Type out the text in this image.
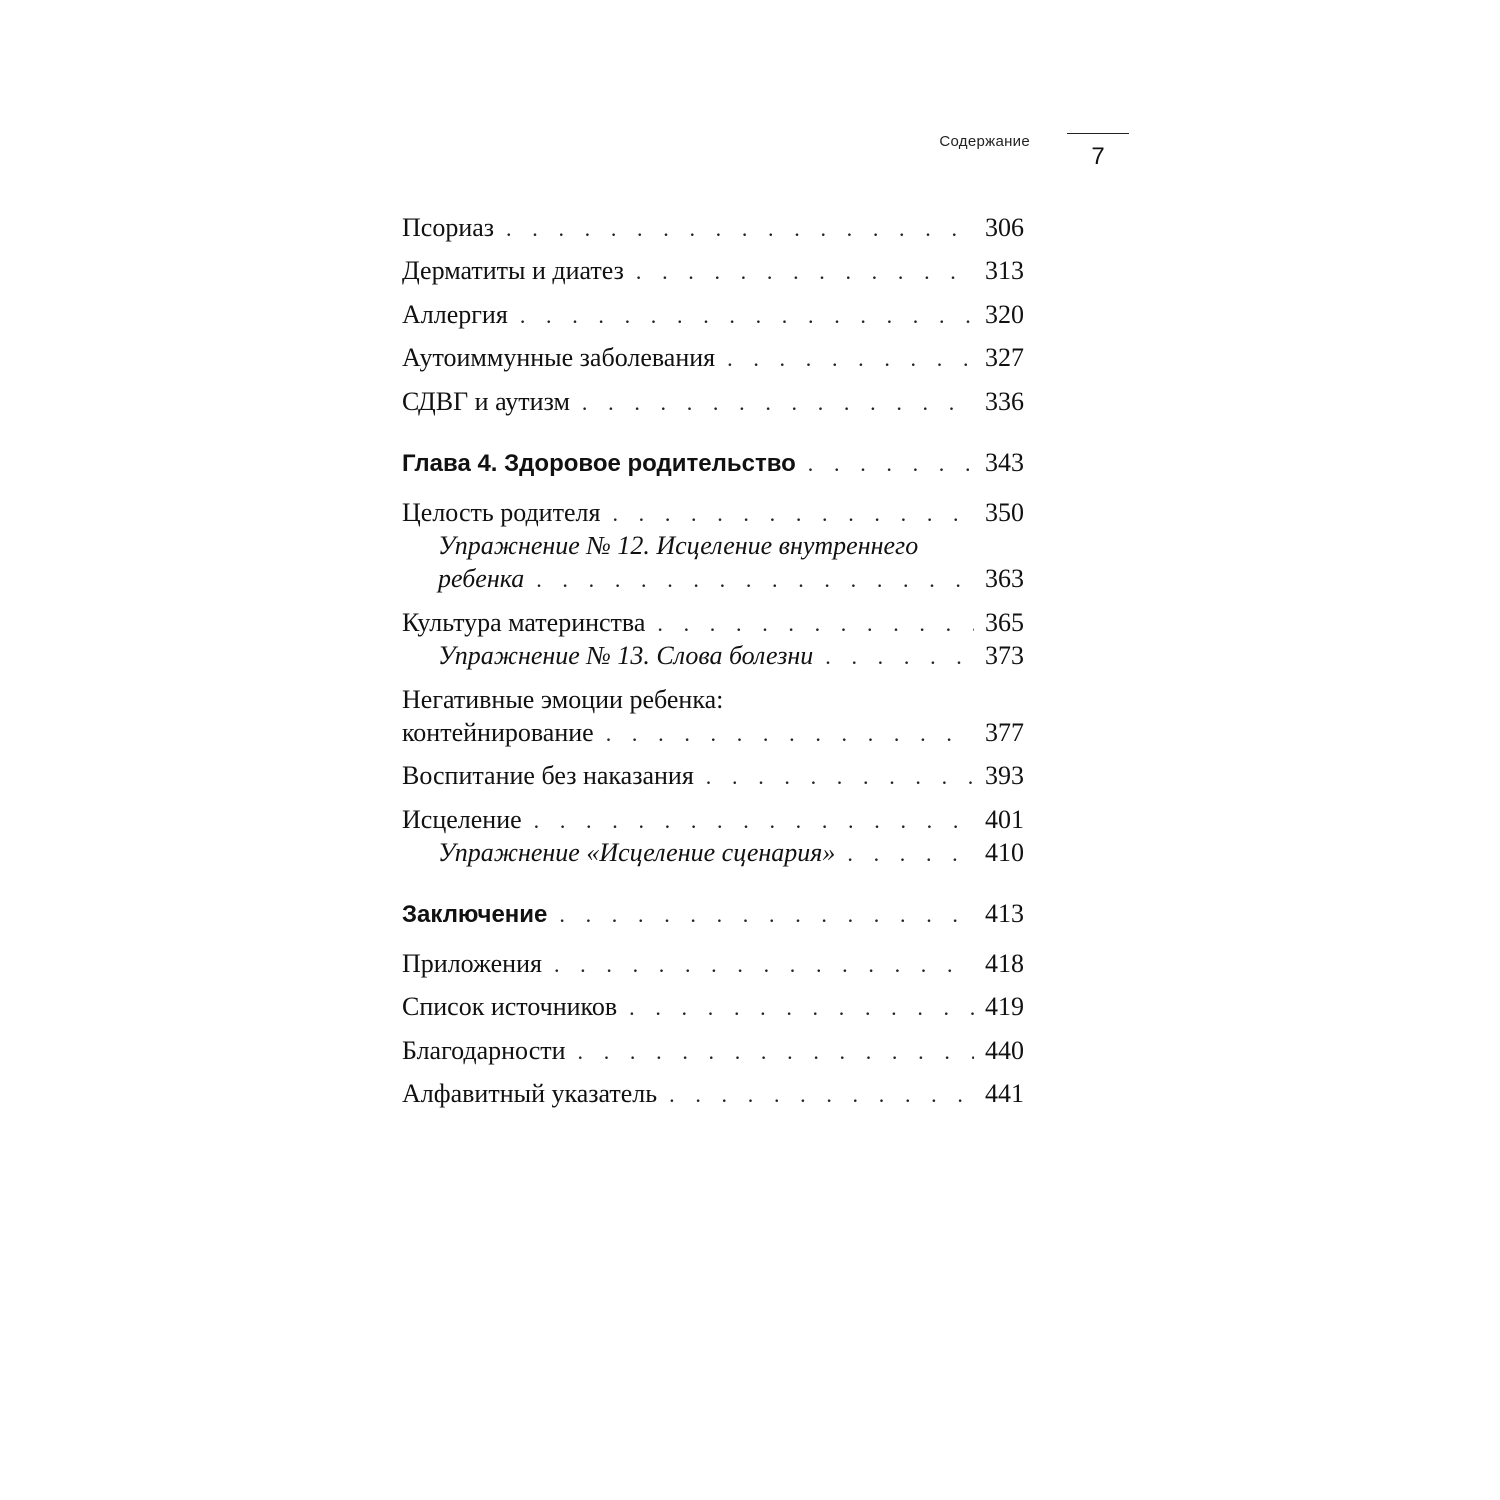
Содержание
7
Псориаз . . .	306
Дерматиты и диатез . . .	313
Аллергия . . .	320
Аутоиммунные заболевания . . .	327
СДВГ и аутизм . . .	336
Глава 4. Здоровое родительство . . .	343
Целость родителя . . .	350
Упражнение № 12. Исцеление внутреннего
ребенка . . .	363
Культура материнства . . .	365
Упражнение № 13. Слова болезни . . .	373
Негативные эмоции ребенка:
контейнирование . . .	377
Воспитание без наказания . . .	393
Исцеление . . .	401
Упражнение «Исцеление сценария» . . .	410
Заключение . . .	413
Приложения . . .	418
Список источников . . .	419
Благодарности . . .	440
Алфавитный указатель . . .	441
